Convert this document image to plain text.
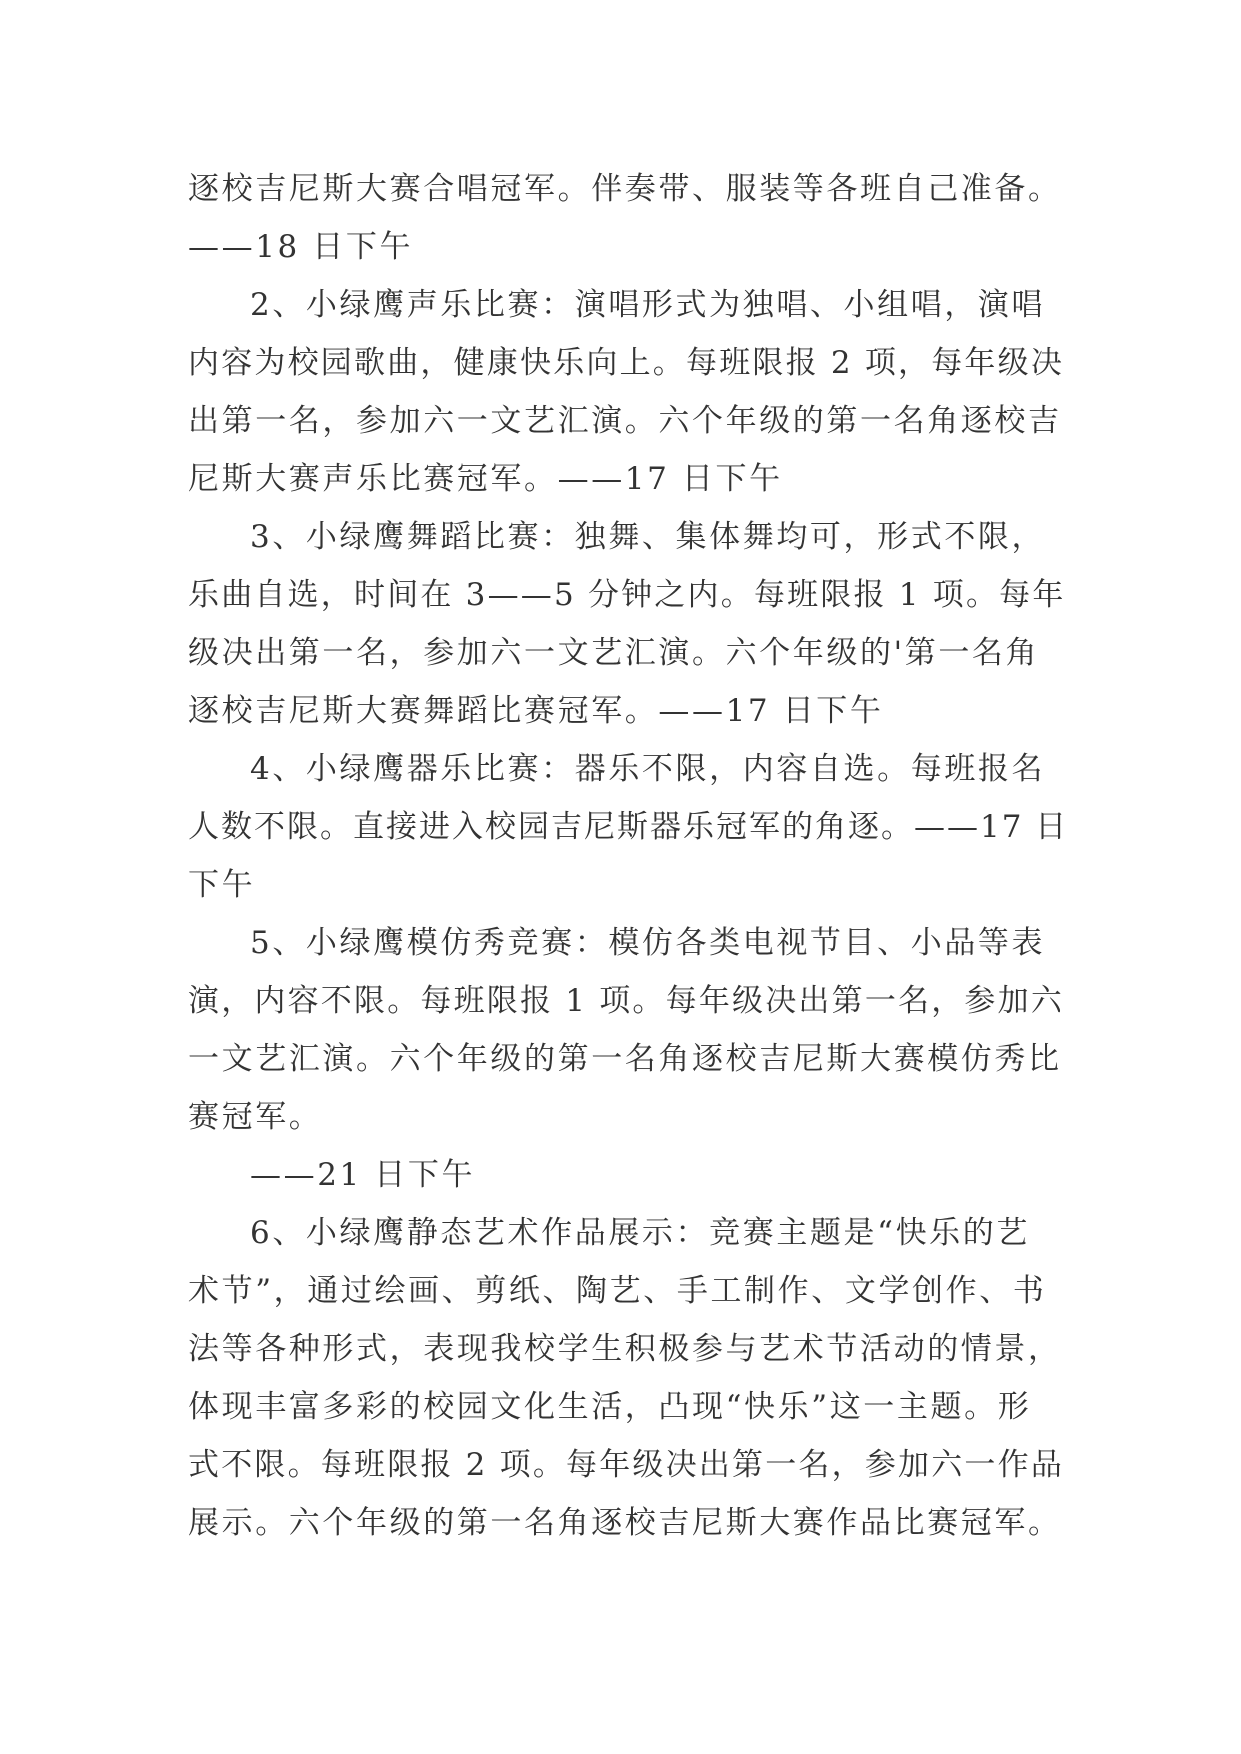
逐校吉尼斯大赛合唱冠军。伴奏带、服装等各班自己准备。
——18 日下午
2、小绿鹰声乐比赛：演唱形式为独唱、小组唱，演唱
内容为校园歌曲，健康快乐向上。每班限报 2 项，每年级决
出第一名，参加六一文艺汇演。六个年级的第一名角逐校吉
尼斯大赛声乐比赛冠军。——17 日下午
3、小绿鹰舞蹈比赛：独舞、集体舞均可，形式不限，
乐曲自选，时间在 3——5 分钟之内。每班限报 1 项。每年
级决出第一名，参加六一文艺汇演。六个年级的'第一名角
逐校吉尼斯大赛舞蹈比赛冠军。——17 日下午
4、小绿鹰器乐比赛：器乐不限，内容自选。每班报名
人数不限。直接进入校园吉尼斯器乐冠军的角逐。——17 日
下午
5、小绿鹰模仿秀竞赛：模仿各类电视节目、小品等表
演，内容不限。每班限报 1 项。每年级决出第一名，参加六
一文艺汇演。六个年级的第一名角逐校吉尼斯大赛模仿秀比
赛冠军。
——21 日下午
6、小绿鹰静态艺术作品展示：竞赛主题是“快乐的艺
术节”，通过绘画、剪纸、陶艺、手工制作、文学创作、书
法等各种形式，表现我校学生积极参与艺术节活动的情景，
体现丰富多彩的校园文化生活，凸现“快乐”这一主题。形
式不限。每班限报 2 项。每年级决出第一名，参加六一作品
展示。六个年级的第一名角逐校吉尼斯大赛作品比赛冠军。
